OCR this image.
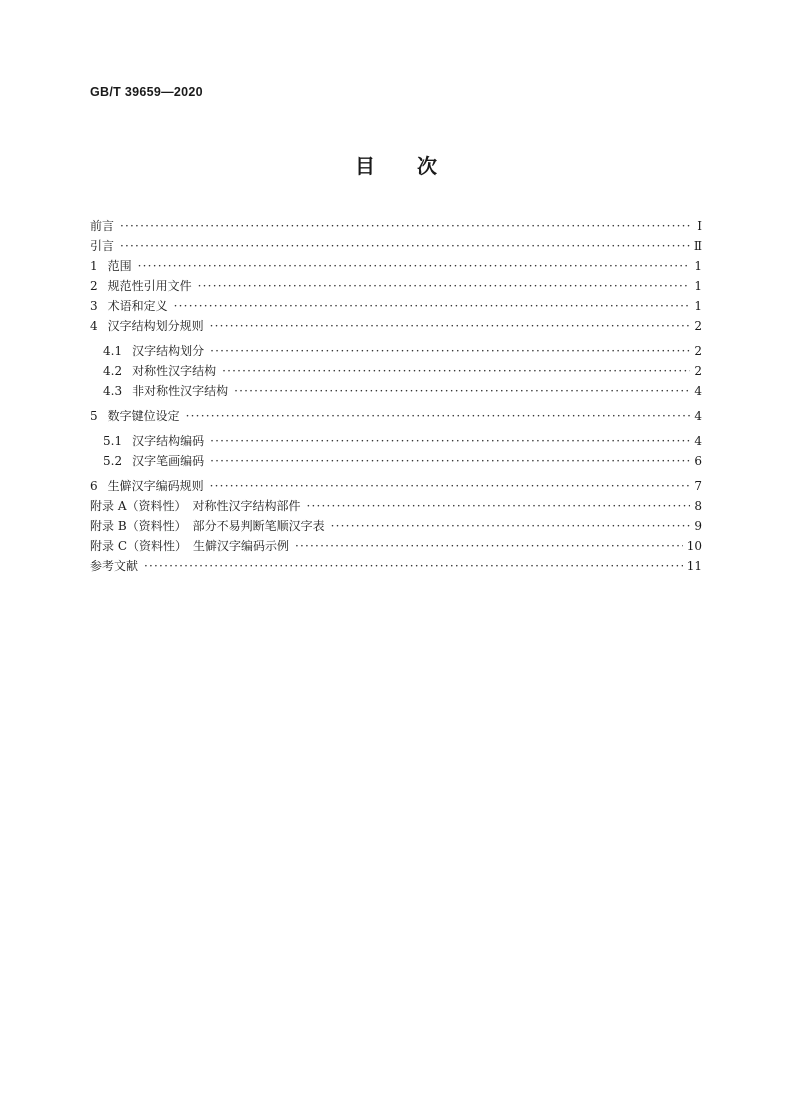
GB/T 39659—2020
目 次
前言 ·····	Ⅰ
引言 ·····	Ⅱ
1 范围 ·····	1
2 规范性引用文件 ·····	1
3 术语和定义 ·····	1
4 汉字结构划分规则 ·····	2
4.1 汉字结构划分 ·····	2
4.2 对称性汉字结构 ·····	2
4.3 非对称性汉字结构 ·····	4
5 数字键位设定 ·····	4
5.1 汉字结构编码 ·····	4
5.2 汉字笔画编码 ·····	6
6 生僻汉字编码规则 ·····	7
附录 A（资料性）　对称性汉字结构部件 ·····	8
附录 B（资料性）　部分不易判断笔顺汉字表 ·····	9
附录 C（资料性）　生僻汉字编码示例 ·····	10
参考文献 ·····	11
